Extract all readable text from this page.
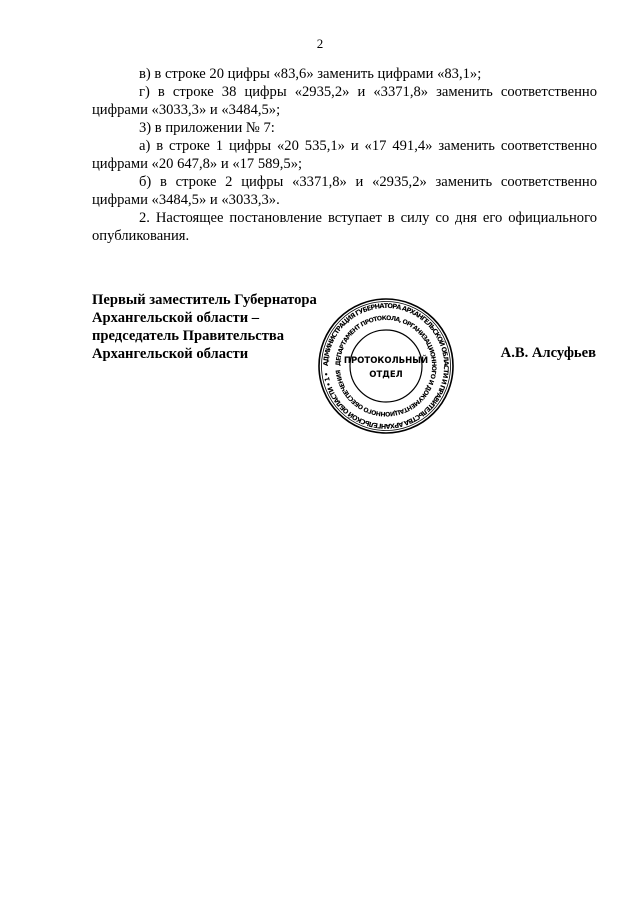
2

в) в строке 20 цифры «83,6» заменить цифрами «83,1»;

г) в строке 38 цифры «2935,2» и «3371,8» заменить соответственно цифрами «3033,3» и «3484,5»;

3) в приложении № 7:

а) в строке 1 цифры «20 535,1» и «17 491,4» заменить соответственно цифрами «20 647,8» и «17 589,5»;

б) в строке 2 цифры «3371,8» и «2935,2» заменить соответственно цифрами «3484,5» и «3033,3».

2. Настоящее постановление вступает в силу со дня его официального опубликования.

Первый заместитель Губернатора
Архангельской области –
председатель Правительства
Архангельской области
АДМИНИСТРАЦИЯ ГУБЕРНАТОРА АРХАНГЕЛЬСКОЙ ОБЛАСТИ И ПРАВИТЕЛЬСТВА АРХАНГЕЛЬСКОЙ ОБЛАСТИ • 1 •
ДЕПАРТАМЕНТ ПРОТОКОЛА, ОРГАНИЗАЦИОННОГО И ДОКУМЕНТАЦИОННОГО ОБЕСПЕЧЕНИЯ
ПРОТОКОЛЬНЫЙ
ОТДЕЛ
А.В. Алсуфьев
